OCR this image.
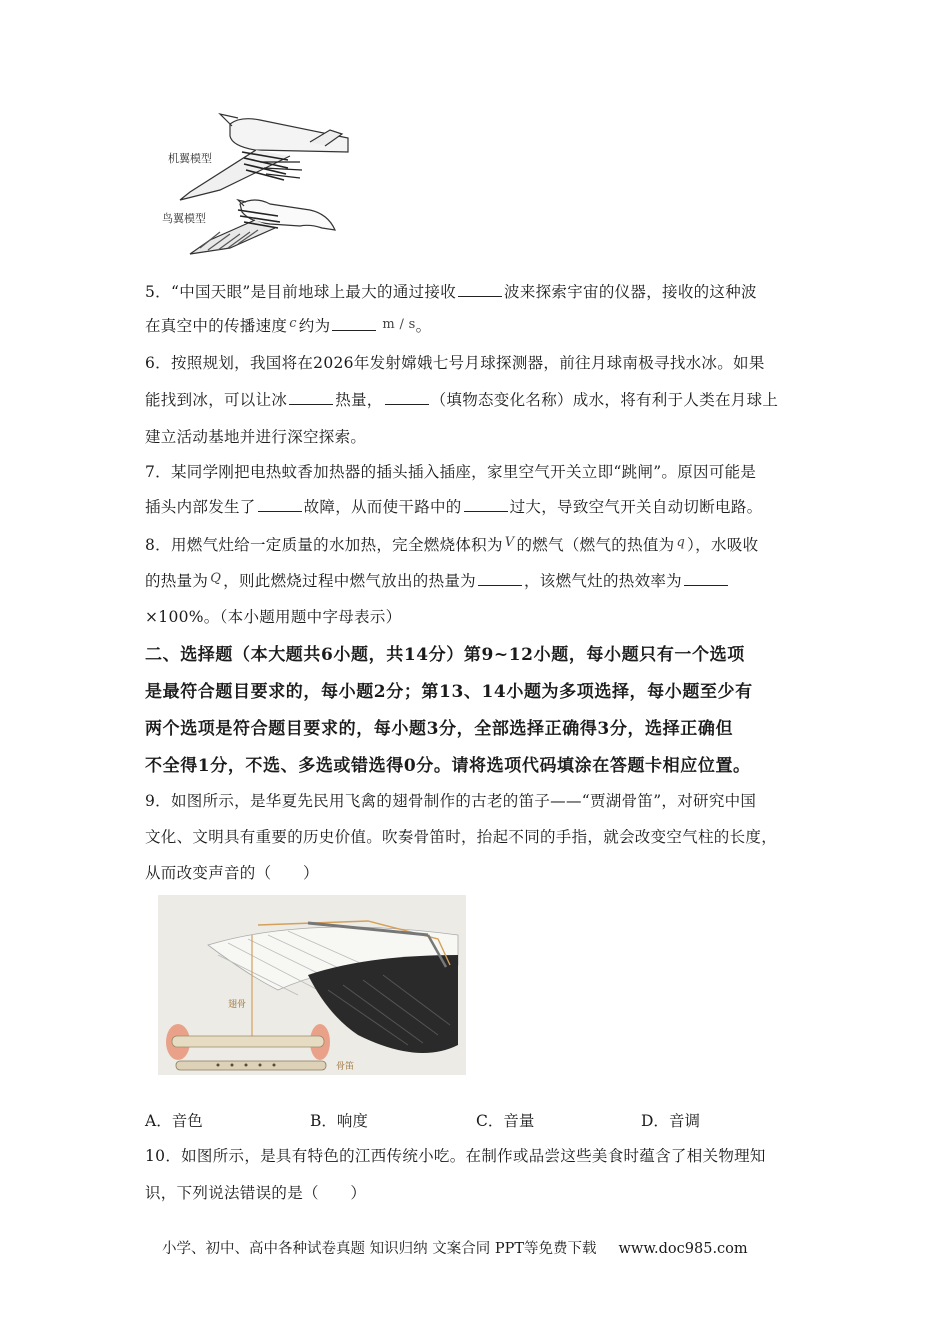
机翼模型
鸟翼模型
5．“中国天眼”是目前地球上最大的通过接收	波来探索宇宙的仪器，接收的这种波
在真空中的传播速度 $^c$ 约为	m / s。
6．按照规划，我国将在2026年发射嫦娥七号月球探测器，前往月球南极寻找水冰。如果
能找到冰，可以让冰	热量，	（填物态变化名称）成水，将有利于人类在月球上
建立活动基地并进行深空探索。
7．某同学刚把电热蚊香加热器的插头插入插座，家里空气开关立即“跳闸”。原因可能是
插头内部发生了	故障，从而使干路中的	过大，导致空气开关自动切断电路。
8．用燃气灶给一定质量的水加热，完全燃烧体积为 $^V$ 的燃气（燃气的热值为 $^q$ ），水吸收
的热量为 $^Q$ ，则此燃烧过程中燃气放出的热量为	，该燃气灶的热效率为
×100%。（本小题用题中字母表示）
二、选择题（本大题共6小题，共14分）第9~12小题，每小题只有一个选项
是最符合题目要求的，每小题2分；第13、14小题为多项选择，每小题至少有
两个选项是符合题目要求的，每小题3分，全部选择正确得3分，选择正确但
不全得1分，不选、多选或错选得0分。请将选项代码填涂在答题卡相应位置。
9．如图所示，是华夏先民用飞禽的翅骨制作的古老的笛子——“贾湖骨笛”，对研究中国
文化、文明具有重要的历史价值。吹奏骨笛时，抬起不同的手指，就会改变空气柱的长度，
从而改变声音的（　　）
翅骨
骨笛
A．音色	B．响度	C．音量	D．音调
10．如图所示，是具有特色的江西传统小吃。在制作或品尝这些美食时蕴含了相关物理知
识，下列说法错误的是（　　）
小学、初中、高中各种试卷真题 知识归纳 文案合同 PPT等免费下载 www.doc985.com
